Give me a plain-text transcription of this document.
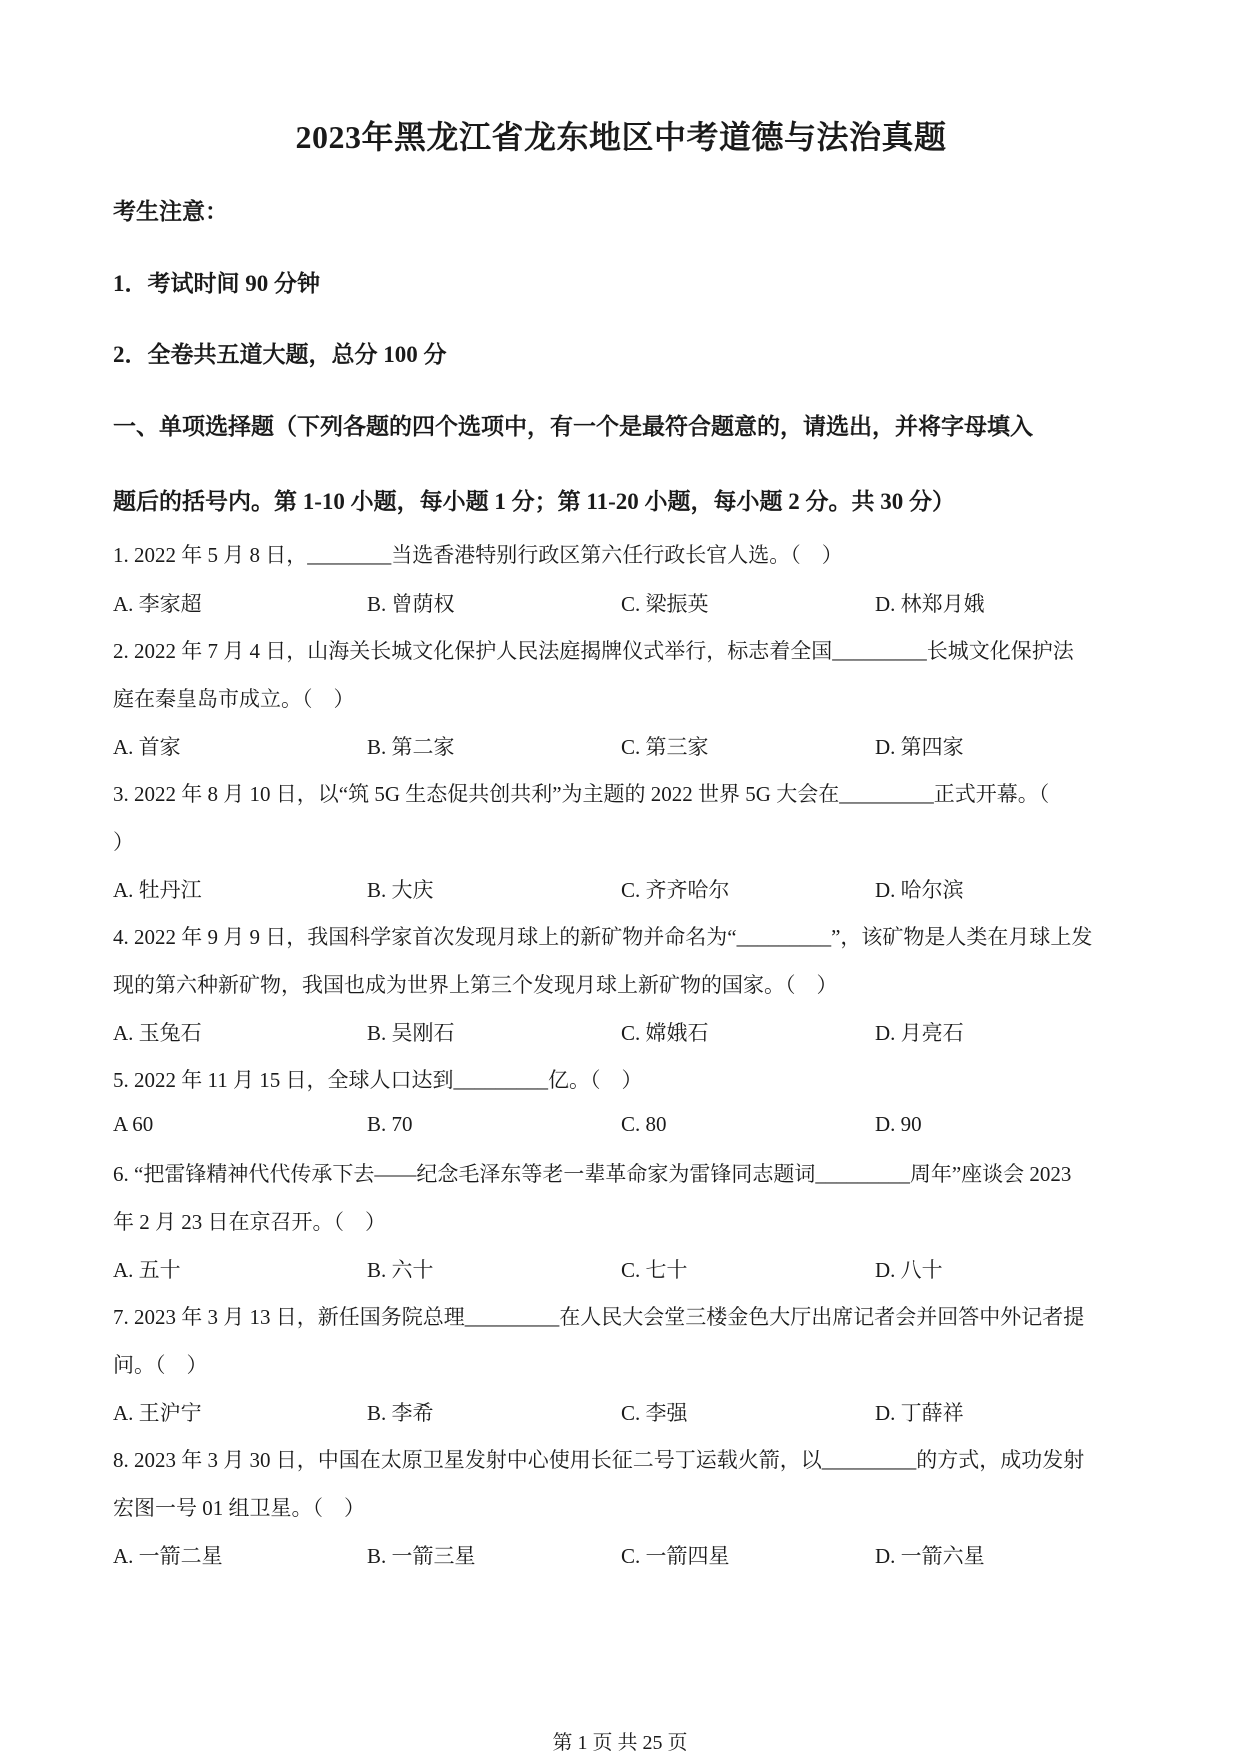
2023年黑龙江省龙东地区中考道德与法治真题
考生注意：
1．考试时间 90 分钟
2．全卷共五道大题，总分 100 分
一、单项选择题（下列各题的四个选项中，有一个是最符合题意的，请选出，并将字母填入
题后的括号内。第 1-10 小题，每小题 1 分；第 11-20 小题，每小题 2 分。共 30 分）
1. 2022 年 5 月 8 日，________当选香港特别行政区第六任行政长官人选。（　）
A. 李家超	B. 曾荫权	C. 梁振英	D. 林郑月娥
2. 2022 年 7 月 4 日，山海关长城文化保护人民法庭揭牌仪式举行，标志着全国_________长城文化保护法
庭在秦皇岛市成立。（　）
A. 首家	B. 第二家	C. 第三家	D. 第四家
3. 2022 年 8 月 10 日，以“筑 5G 生态促共创共利”为主题的 2022 世界 5G 大会在_________正式开幕。（
）
A. 牡丹江	B. 大庆	C. 齐齐哈尔	D. 哈尔滨
4. 2022 年 9 月 9 日，我国科学家首次发现月球上的新矿物并命名为“_________”，该矿物是人类在月球上发
现的第六种新矿物，我国也成为世界上第三个发现月球上新矿物的国家。（　）
A. 玉兔石	B. 吴刚石	C. 嫦娥石	D. 月亮石
5. 2022 年 11 月 15 日，全球人口达到_________亿。（　）
A 60	B. 70	C. 80	D. 90
6. “把雷锋精神代代传承下去——纪念毛泽东等老一辈革命家为雷锋同志题词_________周年”座谈会 2023
年 2 月 23 日在京召开。（　）
A. 五十	B. 六十	C. 七十	D. 八十
7. 2023 年 3 月 13 日，新任国务院总理_________在人民大会堂三楼金色大厅出席记者会并回答中外记者提
问。（　）
A. 王沪宁	B. 李希	C. 李强	D. 丁薛祥
8. 2023 年 3 月 30 日，中国在太原卫星发射中心使用长征二号丁运载火箭，以_________的方式，成功发射
宏图一号 01 组卫星。（　）
A. 一箭二星	B. 一箭三星	C. 一箭四星	D. 一箭六星
第 1 页 共 25 页
